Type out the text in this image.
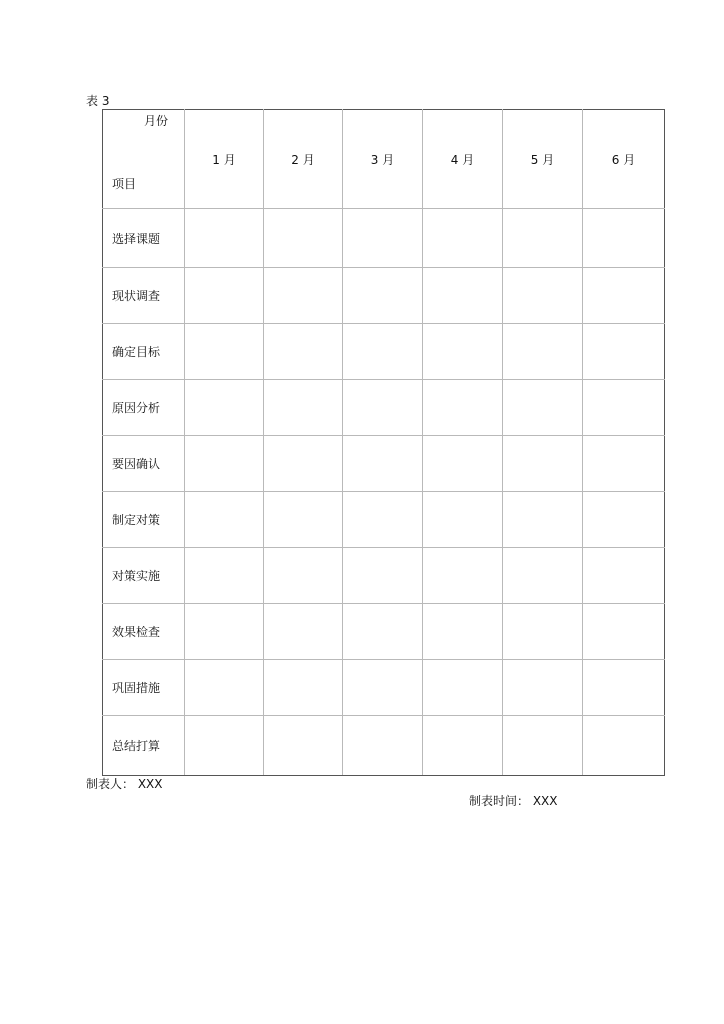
表 3
月份
项目	1 月	2 月	3 月	4 月	5 月	6 月
选择课题						
现状调查						
确定目标						
原因分析						
要因确认						
制定对策						
对策实施						
效果检查						
巩固措施						
总结打算						
制表人： XXX
制表时间： XXX
